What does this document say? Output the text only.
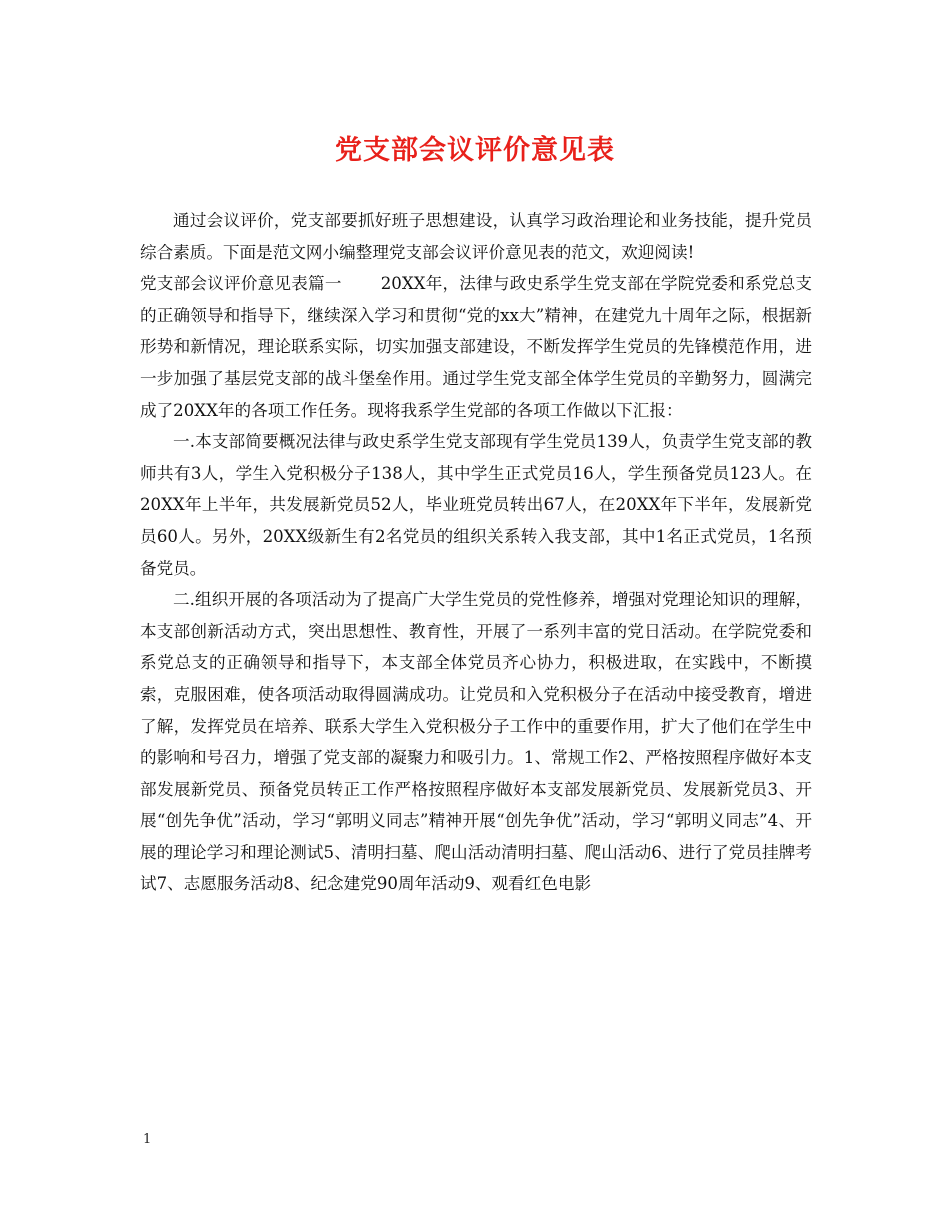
党支部会议评价意见表

通过会议评价，党支部要抓好班子思想建设，认真学习政治理论和业务技能，提升党员综合素质。下面是范文网小编整理党支部会议评价意见表的范文，欢迎阅读!

党支部会议评价意见表篇一　　 20XX年，法律与政史系学生党支部在学院党委和系党总支的正确领导和指导下，继续深入学习和贯彻“党的xx大”精神，在建党九十周年之际，根据新形势和新情况，理论联系实际，切实加强支部建设，不断发挥学生党员的先锋模范作用，进一步加强了基层党支部的战斗堡垒作用。通过学生党支部全体学生党员的辛勤努力，圆满完成了20XX年的各项工作任务。现将我系学生党部的各项工作做以下汇报：

一.本支部简要概况法律与政史系学生党支部现有学生党员139人，负责学生党支部的教师共有3人，学生入党积极分子138人，其中学生正式党员16人，学生预备党员123人。在20XX年上半年，共发展新党员52人，毕业班党员转出67人，在20XX年下半年，发展新党员60人。另外，20XX级新生有2名党员的组织关系转入我支部，其中1名正式党员，1名预备党员。

二.组织开展的各项活动为了提高广大学生党员的党性修养，增强对党理论知识的理解，本支部创新活动方式，突出思想性、教育性，开展了一系列丰富的党日活动。在学院党委和系党总支的正确领导和指导下，本支部全体党员齐心协力，积极进取，在实践中，不断摸索，克服困难，使各项活动取得圆满成功。让党员和入党积极分子在活动中接受教育，增进了解，发挥党员在培养、联系大学生入党积极分子工作中的重要作用，扩大了他们在学生中的影响和号召力，增强了党支部的凝聚力和吸引力。1、常规工作2、严格按照程序做好本支部发展新党员、预备党员转正工作严格按照程序做好本支部发展新党员、发展新党员3、开展“创先争优”活动，学习“郭明义同志”精神开展“创先争优”活动，学习“郭明义同志”4、开展的理论学习和理论测试5、清明扫墓、爬山活动清明扫墓、爬山活动6、进行了党员挂牌考试7、志愿服务活动8、纪念建党90周年活动9、观看红色电影

1
